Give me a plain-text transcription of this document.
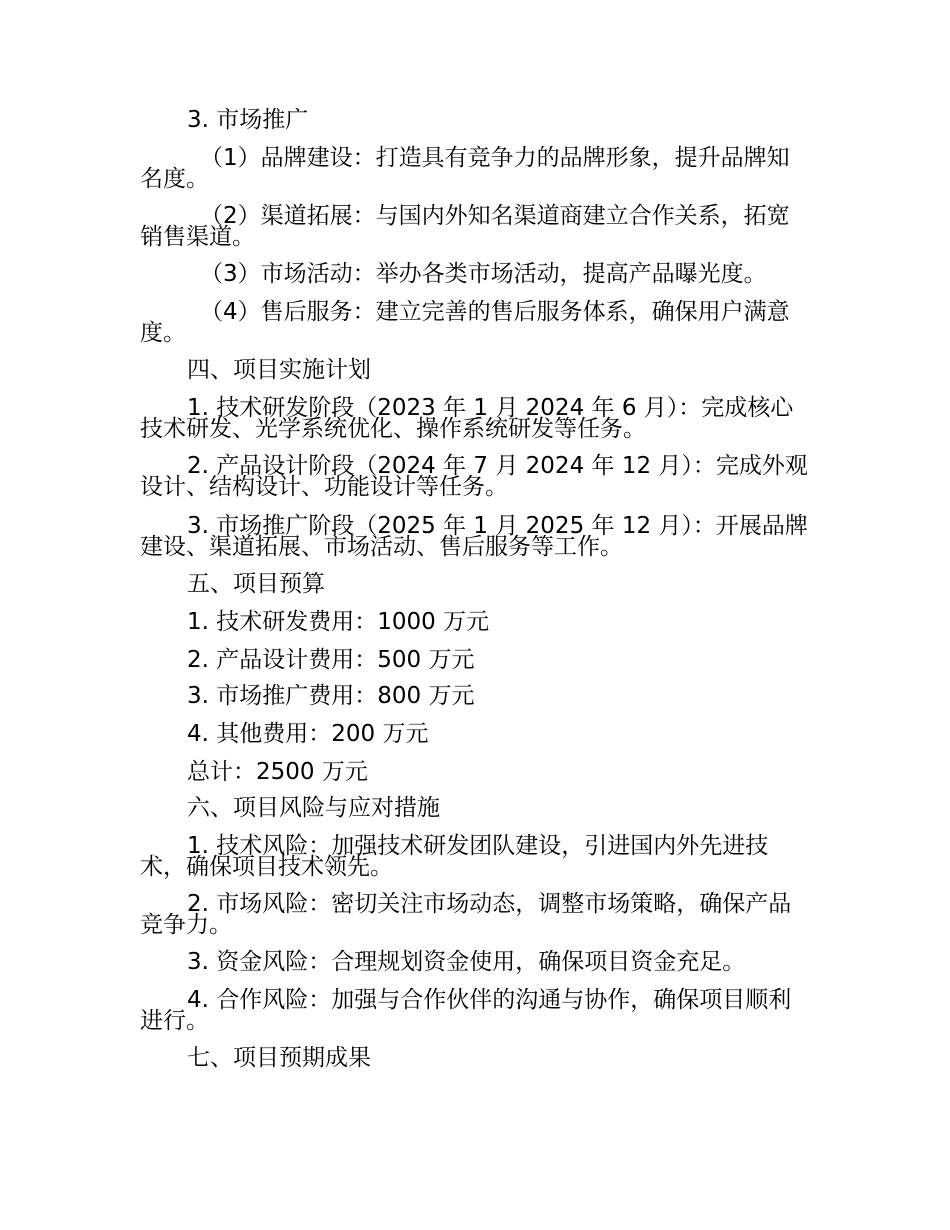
3. 市场推广
（1）品牌建设：打造具有竞争力的品牌形象，提升品牌知名度。
（2）渠道拓展：与国内外知名渠道商建立合作关系，拓宽销售渠道。
（3）市场活动：举办各类市场活动，提高产品曝光度。
（4）售后服务：建立完善的售后服务体系，确保用户满意度。
四、项目实施计划
1. 技术研发阶段（2023 年 1 月 2024 年 6 月）：完成核心技术研发、光学系统优化、操作系统研发等任务。
2. 产品设计阶段（2024 年 7 月 2024 年 12 月）：完成外观设计、结构设计、功能设计等任务。
3. 市场推广阶段（2025 年 1 月 2025 年 12 月）：开展品牌建设、渠道拓展、市场活动、售后服务等工作。
五、项目预算
1. 技术研发费用：1000 万元
2. 产品设计费用：500 万元
3. 市场推广费用：800 万元
4. 其他费用：200 万元
总计：2500 万元
六、项目风险与应对措施
1. 技术风险：加强技术研发团队建设，引进国内外先进技术，确保项目技术领先。
2. 市场风险：密切关注市场动态，调整市场策略，确保产品竞争力。
3. 资金风险：合理规划资金使用，确保项目资金充足。
4. 合作风险：加强与合作伙伴的沟通与协作，确保项目顺利进行。
七、项目预期成果
